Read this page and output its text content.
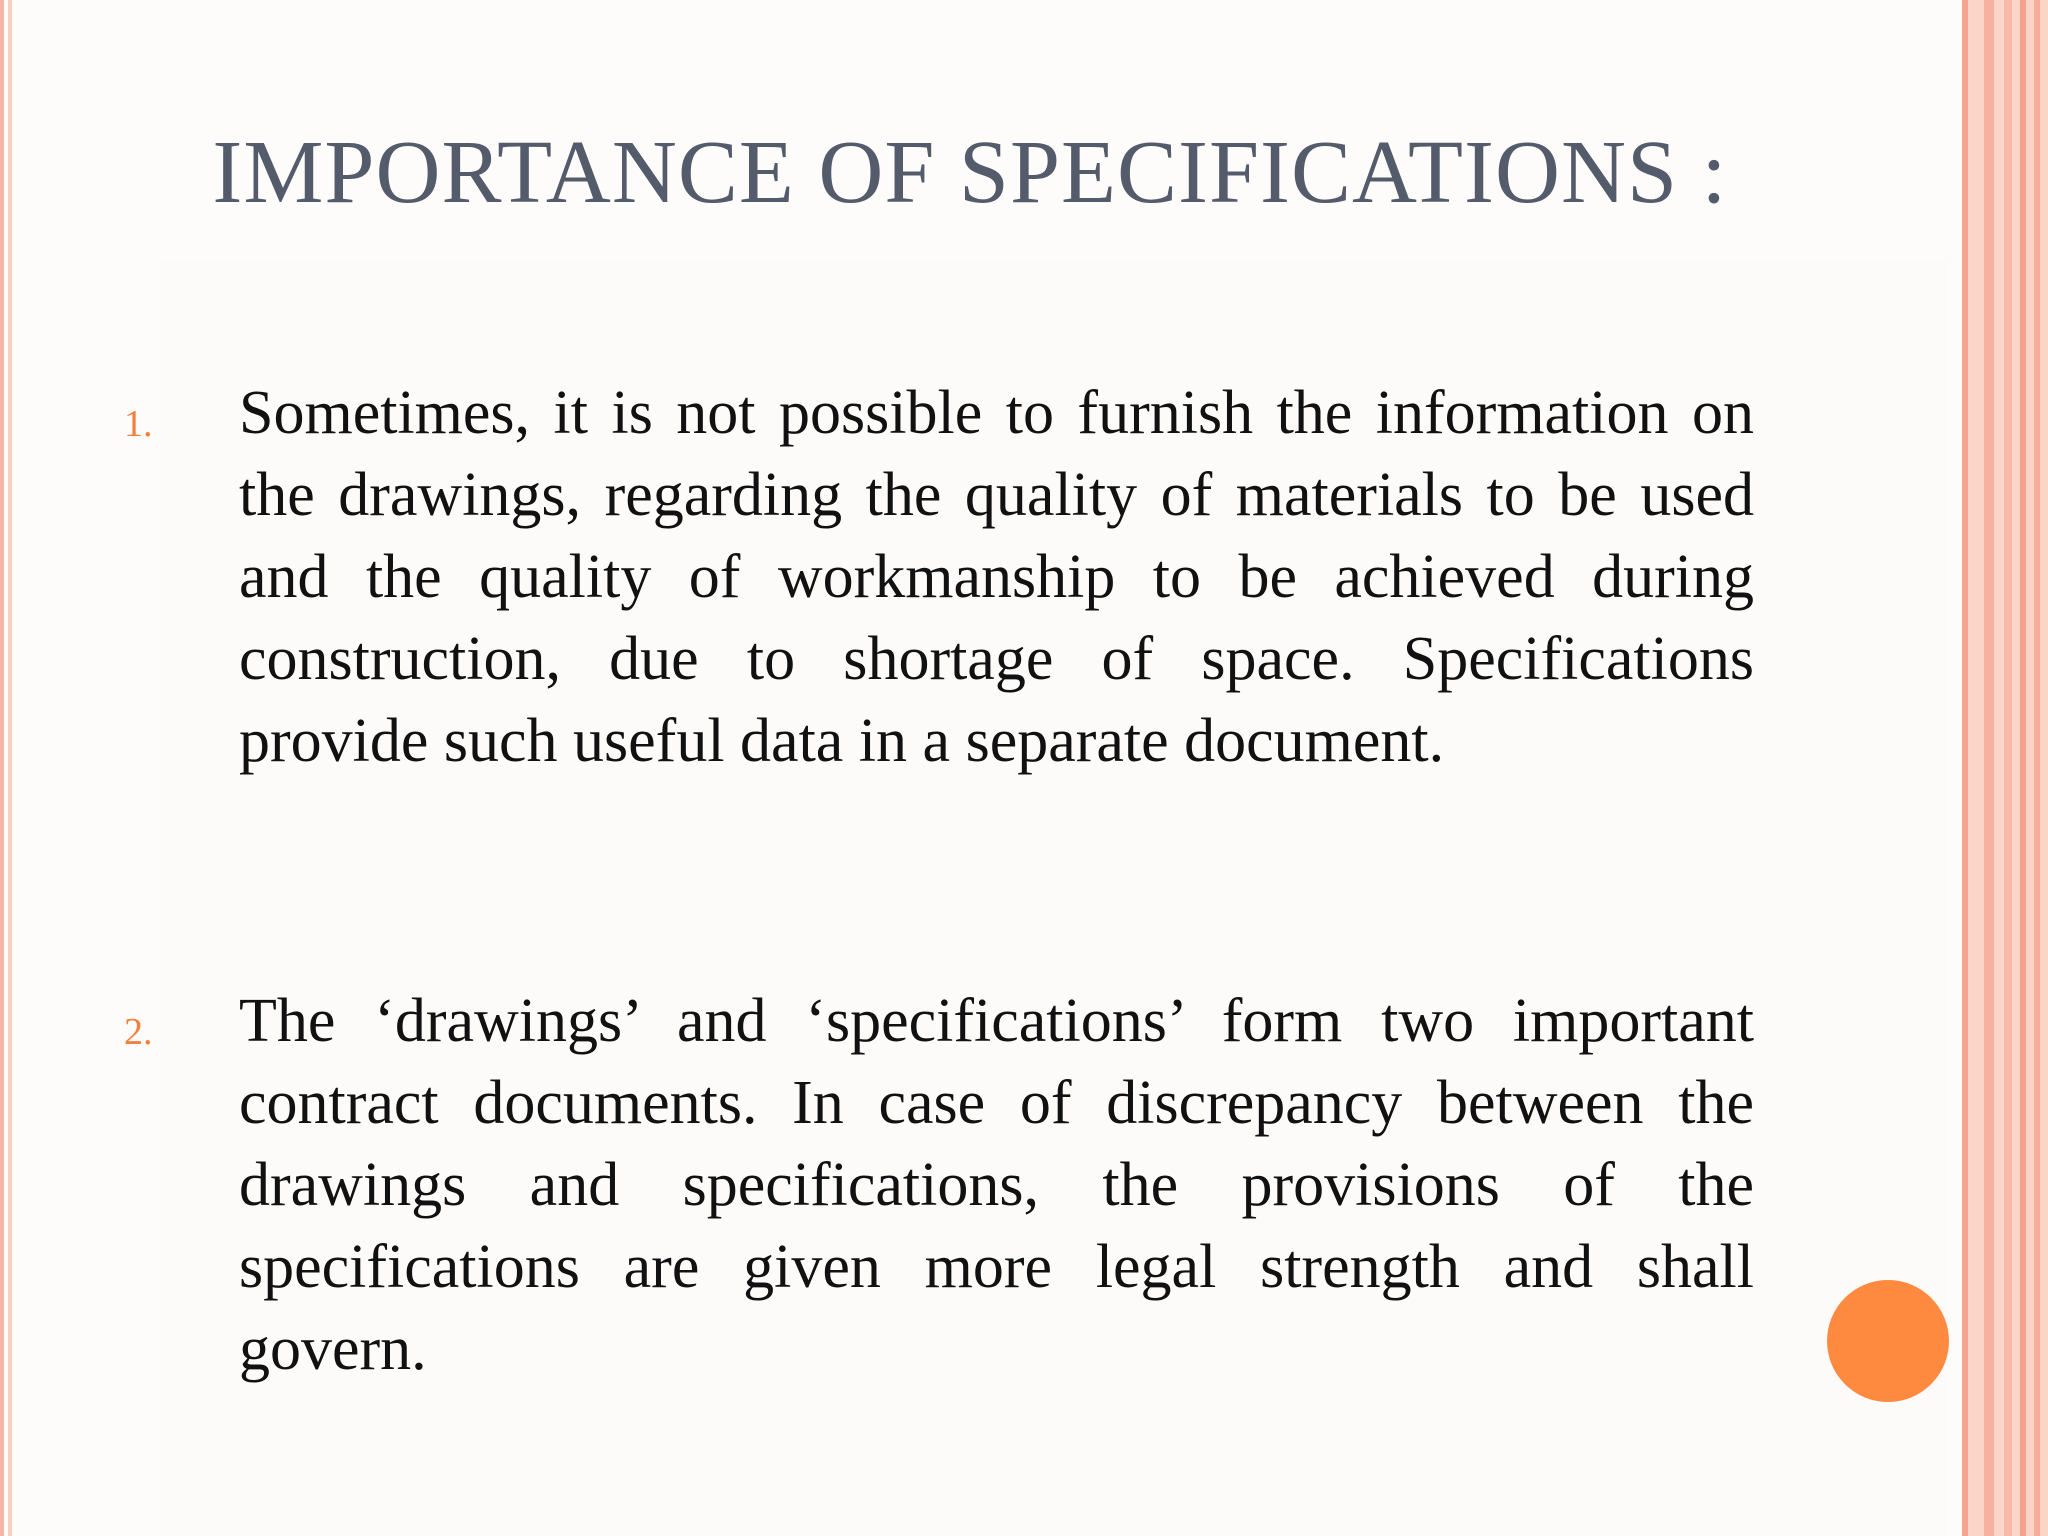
IMPORTANCE OF SPECIFICATIONS :
1. Sometimes, it is not possible to furnish the information on the drawings, regarding the quality of materials to be used and the quality of workmanship to be achieved during construction, due to shortage of space. Specifications provide such useful data in a separate document.

2. The ‘drawings’ and ‘specifications’ form two important contract documents. In case of discrepancy between the drawings and specifications, the provisions of the specifications are given more legal strength and shall govern.
